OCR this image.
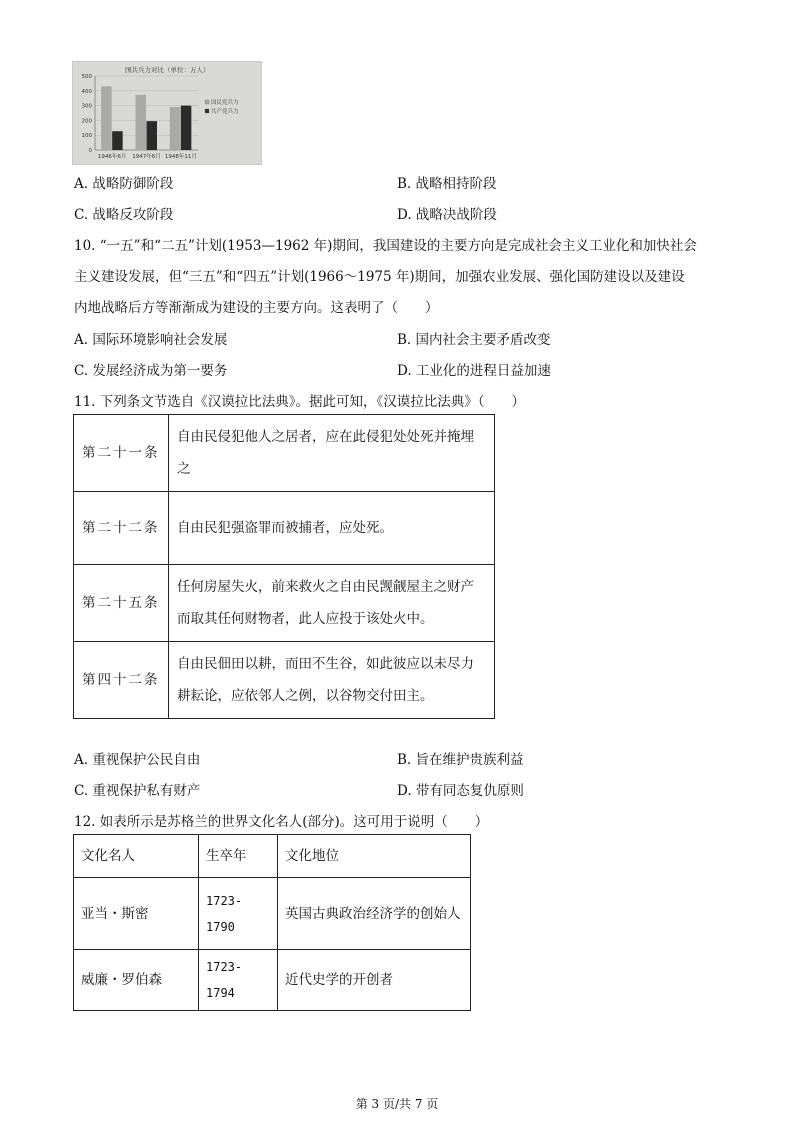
国共兵力对比（单位：万人）
0
100
200
300
400
500
1946年6月 1947年6月 1948年11月
国民党兵力
共产党兵力
A. 战略防御阶段	B. 战略相持阶段
C. 战略反攻阶段	D. 战略决战阶段
10. “一五”和“二五”计划(1953—1962 年)期间，我国建设的主要方向是完成社会主义工业化和加快社会
主义建设发展，但“三五”和“四五”计划(1966～1975 年)期间，加强农业发展、强化国防建设以及建设
内地战略后方等渐渐成为建设的主要方向。这表明了（　　）
A. 国际环境影响社会发展	B. 国内社会主要矛盾改变
C. 发展经济成为第一要务	D. 工业化的进程日益加速
11. 下列条文节选自《汉谟拉比法典》。据此可知，《汉谟拉比法典》（　　）
第二十一条	自由民侵犯他人之居者，应在此侵犯处处死并掩埋之
第二十二条	自由民犯强盗罪而被捕者，应处死。
第二十五条	任何房屋失火，前来救火之自由民觊觎屋主之财产而取其任何财物者，此人应投于该处火中。
第四十二条	自由民佃田以耕，而田不生谷，如此彼应以未尽力耕耘论，应依邻人之例，以谷物交付田主。
A. 重视保护公民自由	B. 旨在维护贵族利益
C. 重视保护私有财产	D. 带有同态复仇原则
12. 如表所示是苏格兰的世界文化名人(部分)。这可用于说明（　　）
文化名人	生卒年	文化地位
亚当・斯密	1723-1790	英国古典政治经济学的创始人
威廉・罗伯森	1723-1794	近代史学的开创者
第 3 页/共 7 页
